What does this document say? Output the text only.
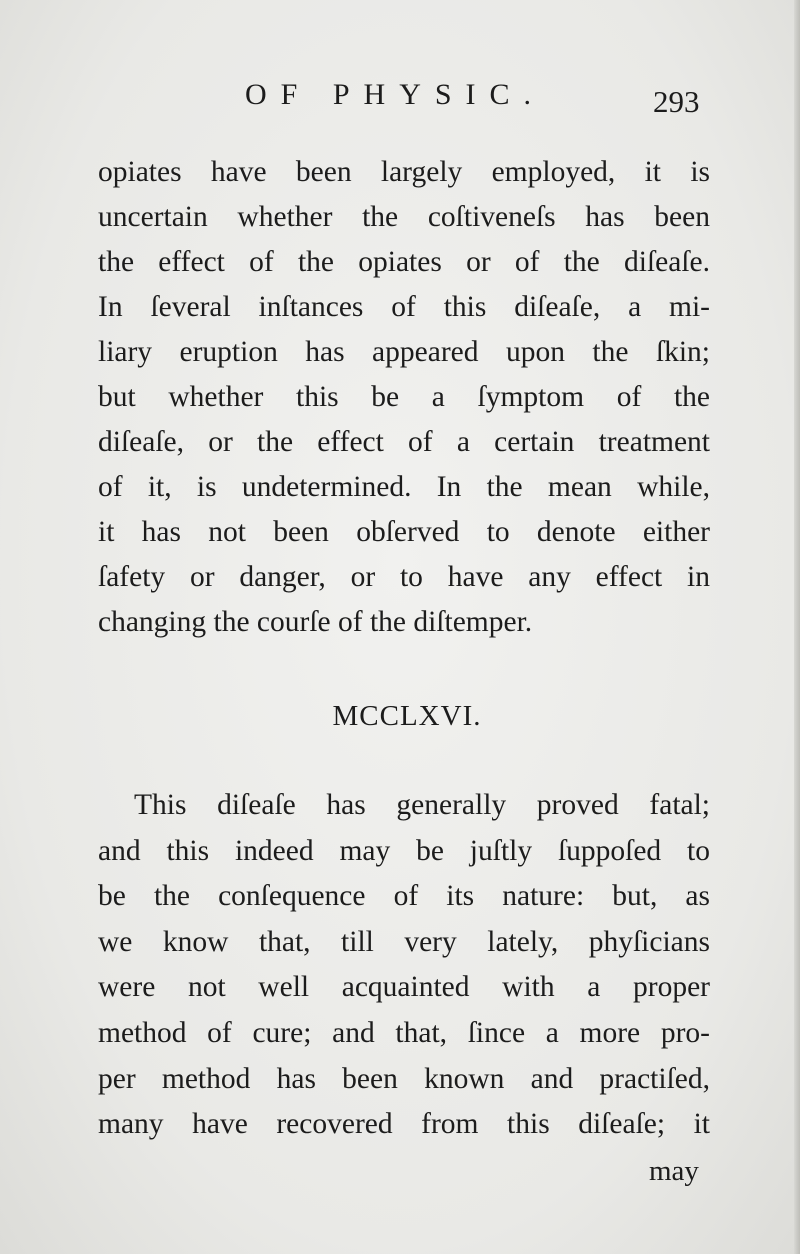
OF PHYSIC.	293
opiates have been largely employed, it is
uncertain whether the coſtiveneſs has been
the effect of the opiates or of the diſeaſe.
In ſeveral inſtances of this diſeaſe, a mi-
liary eruption has appeared upon the ſkin;
but whether this be a ſymptom of the
diſeaſe, or the effect of a certain treatment
of it, is undetermined. In the mean while,
it has not been obſerved to denote either
ſafety or danger, or to have any effect in
changing the courſe of the diſtemper.
MCCLXVI.
This diſeaſe has generally proved fatal;
and this indeed may be juſtly ſuppoſed to
be the conſequence of its nature: but, as
we know that, till very lately, phyſicians
were not well acquainted with a proper
method of cure; and that, ſince a more pro-
per method has been known and practiſed,
many have recovered from this diſeaſe; it
may
